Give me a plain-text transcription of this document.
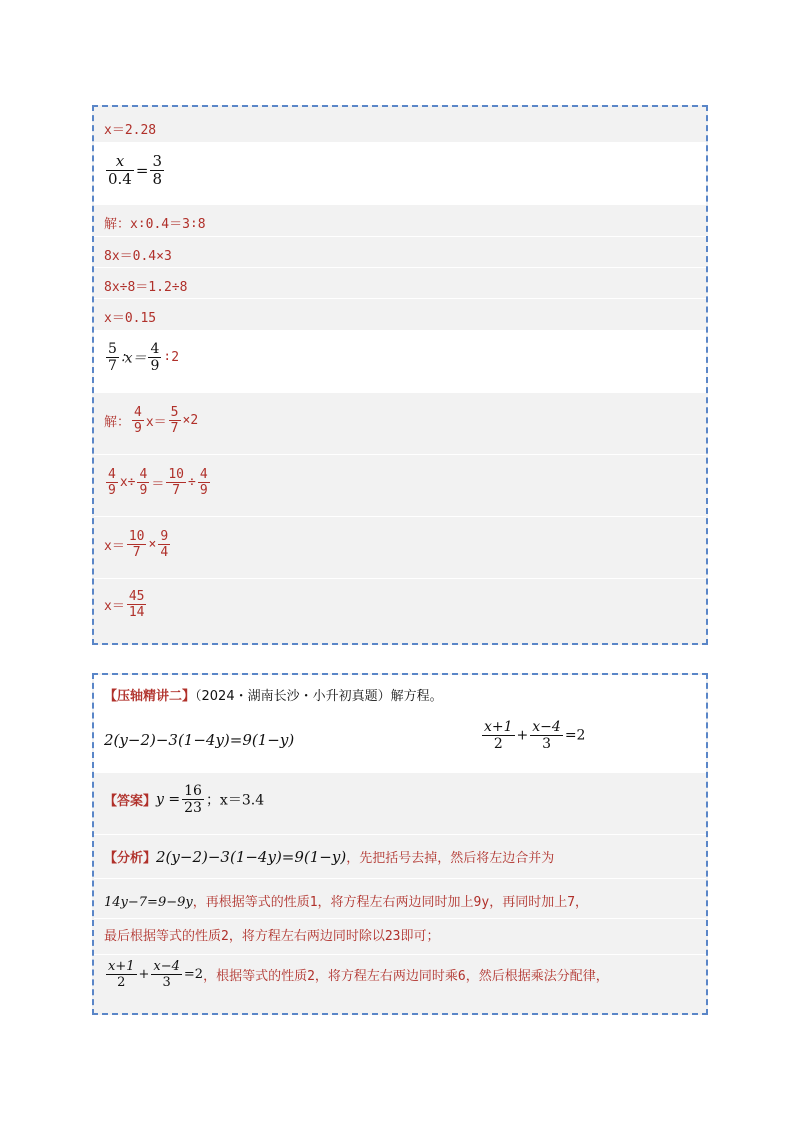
x＝2.28
$\frac{x}{0.4} = \frac{3}{8}$
解：x∶0.4＝3∶8
8x＝0.4×3
8x÷8＝1.2÷8
x＝0.15
$\frac{5}{7}$ ∶x＝ $\frac{4}{9}$ ∶2
解： $\frac{4}{9} x= \frac{5}{7} \times 2$
$\frac{4}{9} x\div \frac{4}{9} = \frac{10}{7} \div \frac{4}{9}$
$x= \frac{10}{7} \times \frac{9}{4}$
$x= \frac{45}{14}$
【压轴精讲二】（2024・湖南长沙・小升初真题）解方程。
2(y−2)−3(1−4y)=9(1−y)	$\frac{x+1}{2} + \frac{x-4}{3} =2$
【答案】$y = \frac{16}{23}$ ；x＝3.4
【分析】2(y−2)−3(1−4y)=9(1−y)，先把括号去掉，然后将左边合并为
14y−7=9−9y，再根据等式的性质1，将方程左右两边同时加上9y，再同时加上7，
最后根据等式的性质2，将方程左右两边同时除以23即可；
$\frac{x+1}{2} + \frac{x-4}{3} =2$，根据等式的性质2，将方程左右两边同时乘6，然后根据乘法分配律，
